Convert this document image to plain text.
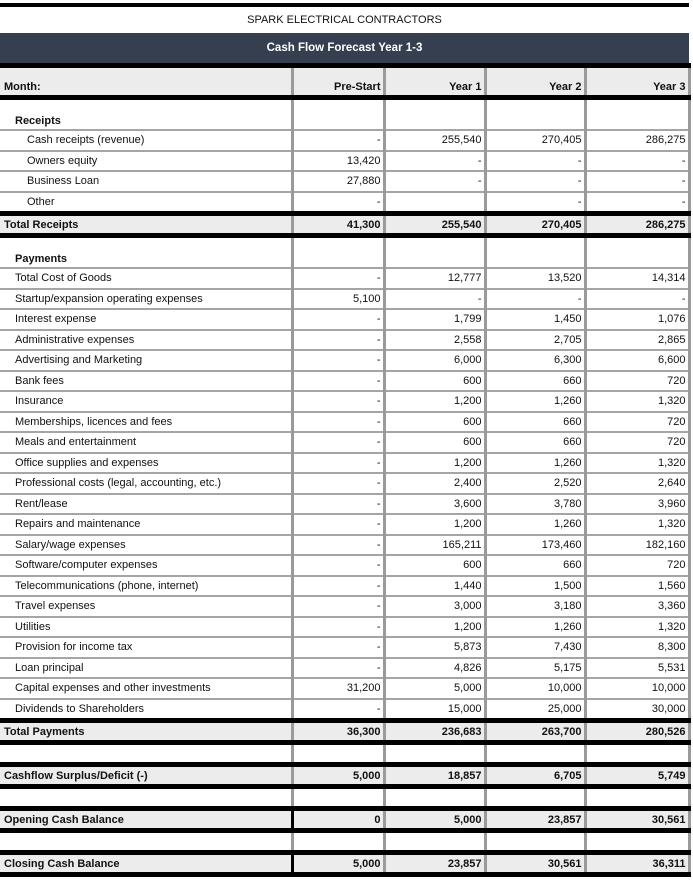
SPARK ELECTRICAL CONTRACTORS
Cash Flow Forecast Year 1-3
Month:	Pre-Start	Year 1	Year 2	Year 3
Receipts				
Cash receipts (revenue)	-	255,540	270,405	286,275
Owners equity	13,420	-	-	-
Business Loan	27,880	-	-	-
Other	-		-	-
Total Receipts	41,300	255,540	270,405	286,275
Payments				
Total Cost of Goods	-	12,777	13,520	14,314
Startup/expansion operating expenses	5,100	-	-	-
Interest expense	-	1,799	1,450	1,076
Administrative expenses	-	2,558	2,705	2,865
Advertising and Marketing	-	6,000	6,300	6,600
Bank fees	-	600	660	720
Insurance	-	1,200	1,260	1,320
Memberships, licences and fees	-	600	660	720
Meals and entertainment	-	600	660	720
Office supplies and expenses	-	1,200	1,260	1,320
Professional costs (legal, accounting, etc.)	-	2,400	2,520	2,640
Rent/lease	-	3,600	3,780	3,960
Repairs and maintenance	-	1,200	1,260	1,320
Salary/wage expenses	-	165,211	173,460	182,160
Software/computer expenses	-	600	660	720
Telecommunications (phone, internet)	-	1,440	1,500	1,560
Travel expenses	-	3,000	3,180	3,360
Utilities	-	1,200	1,260	1,320
Provision for income tax	-	5,873	7,430	8,300
Loan principal	-	4,826	5,175	5,531
Capital expenses and other investments	31,200	5,000	10,000	10,000
Dividends to Shareholders	-	15,000	25,000	30,000
Total Payments	36,300	236,683	263,700	280,526

Cashflow Surplus/Deficit (-)	5,000	18,857	6,705	5,749

Opening Cash Balance	0	5,000	23,857	30,561

Closing Cash Balance	5,000	23,857	30,561	36,311
